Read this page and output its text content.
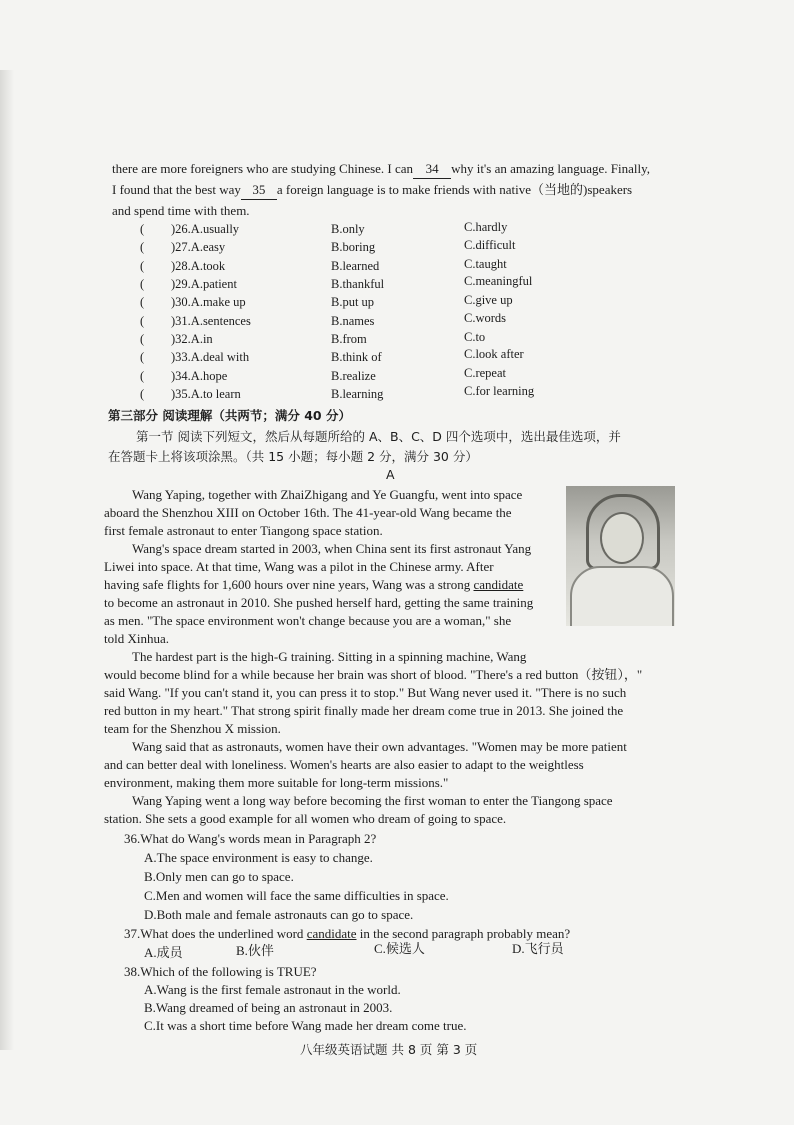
there are more foreigners who are studying Chinese. I can 34 why it's an amazing language. Finally,
I found that the best way 35 a foreign language is to make friends with native（当地的)speakers
and spend time with them.
( )26.A.usually	B.only	C.hardly
( )27.A.easy	B.boring	C.difficult
( )28.A.took	B.learned	C.taught
( )29.A.patient	B.thankful	C.meaningful
( )30.A.make up	B.put up	C.give up
( )31.A.sentences	B.names	C.words
( )32.A.in	B.from	C.to
( )33.A.deal with	B.think of	C.look after
( )34.A.hope	B.realize	C.repeat
( )35.A.to learn	B.learning	C.for learning
第三部分 阅读理解（共两节；满分 40 分）
第一节 阅读下列短文，然后从每题所给的 A、B、C、D 四个选项中，选出最佳选项，并
在答题卡上将该项涂黑。（共 15 小题；每小题 2 分，满分 30 分）
A
Wang Yaping, together with ZhaiZhigang and Ye Guangfu, went into space
aboard the Shenzhou XIII on October 16th. The 41-year-old Wang became the
first female astronaut to enter Tiangong space station.
Wang's space dream started in 2003, when China sent its first astronaut Yang
Liwei into space. At that time, Wang was a pilot in the Chinese army. After
having safe flights for 1,600 hours over nine years, Wang was a strong candidate
to become an astronaut in 2010. She pushed herself hard, getting the same training
as men. "The space environment won't change because you are a woman," she
told Xinhua.
The hardest part is the high-G training. Sitting in a spinning machine, Wang
would become blind for a while because her brain was short of blood. "There's a red button（按钮），"
said Wang. "If you can't stand it, you can press it to stop." But Wang never used it. "There is no such
red button in my heart." That strong spirit finally made her dream come true in 2013. She joined the
team for the Shenzhou X mission.
Wang said that as astronauts, women have their own advantages. "Women may be more patient
and can better deal with loneliness. Women's hearts are also easier to adapt to the weightless
environment, making them more suitable for long-term missions."
Wang Yaping went a long way before becoming the first woman to enter the Tiangong space
station. She sets a good example for all women who dream of going to space.
36.What do Wang's words mean in Paragraph 2?
A.The space environment is easy to change.
B.Only men can go to space.
C.Men and women will face the same difficulties in space.
D.Both male and female astronauts can go to space.
37.What does the underlined word candidate in the second paragraph probably mean?
A.成员	B.伙伴	C.候选人	D.飞行员
38.Which of the following is TRUE?
A.Wang is the first female astronaut in the world.
B.Wang dreamed of being an astronaut in 2003.
C.It was a short time before Wang made her dream come true.
八年级英语试题 共 8 页 第 3 页
